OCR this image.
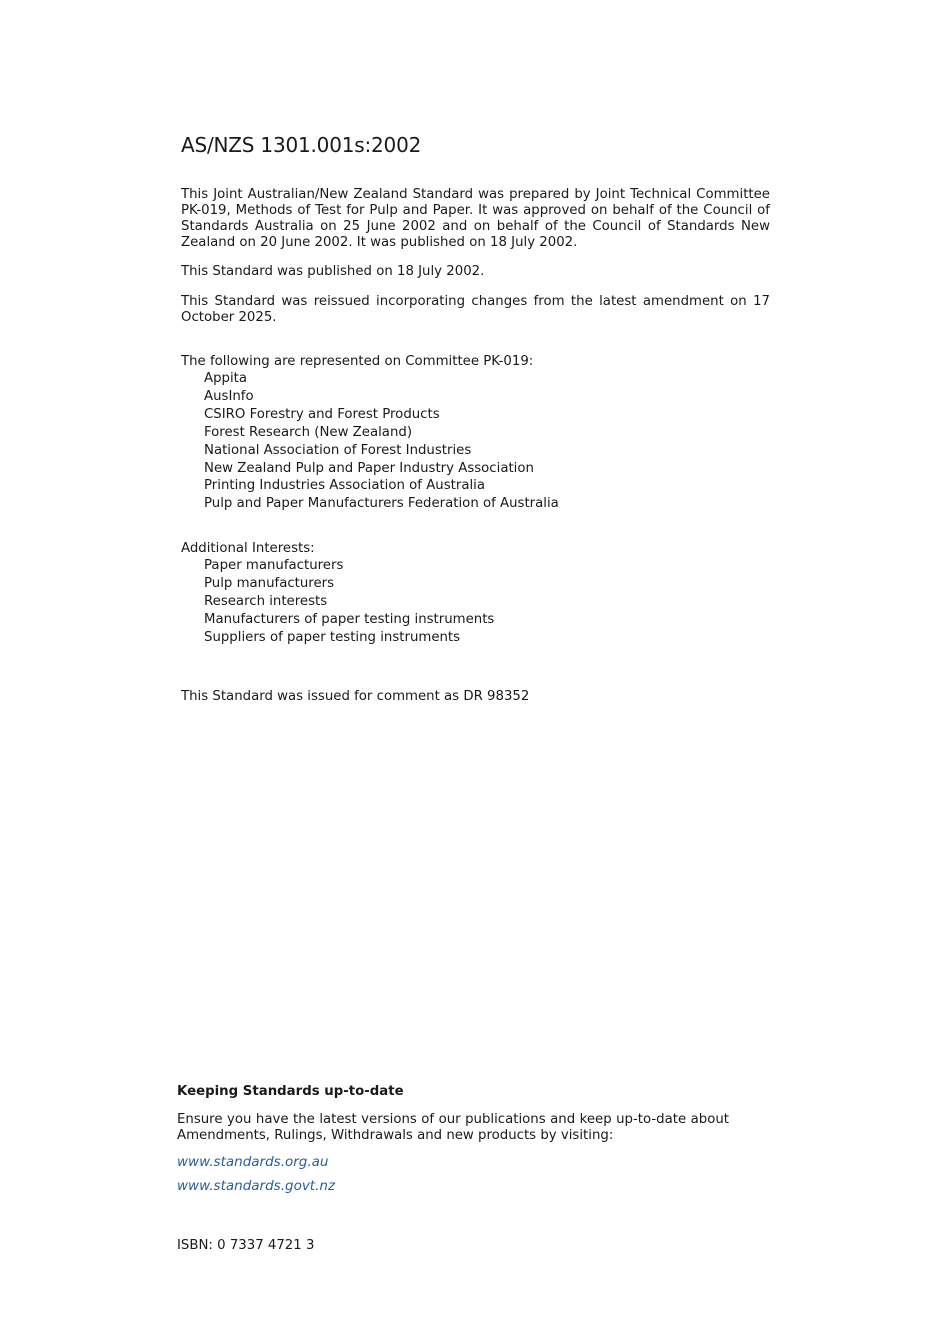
AS/NZS 1301.001s:2002

This Joint Australian/New Zealand Standard was prepared by Joint Technical Committee PK-019, Methods of Test for Pulp and Paper. It was approved on behalf of the Council of Standards Australia on 25 June 2002 and on behalf of the Council of Standards New Zealand on 20 June 2002. It was published on 18 July 2002.

This Standard was published on 18 July 2002.

This Standard was reissued incorporating changes from the latest amendment on 17 October 2025.

The following are represented on Committee PK-019:

Appita
AusInfo
CSIRO Forestry and Forest Products
Forest Research (New Zealand)
National Association of Forest Industries
New Zealand Pulp and Paper Industry Association
Printing Industries Association of Australia
Pulp and Paper Manufacturers Federation of Australia

Additional Interests:

Paper manufacturers
Pulp manufacturers
Research interests
Manufacturers of paper testing instruments
Suppliers of paper testing instruments

This Standard was issued for comment as DR 98352

Keeping Standards up-to-date

Ensure you have the latest versions of our publications and keep up-to-date about Amendments, Rulings, Withdrawals and new products by visiting:

www.standards.org.au
www.standards.govt.nz

ISBN: 0 7337 4721 3
